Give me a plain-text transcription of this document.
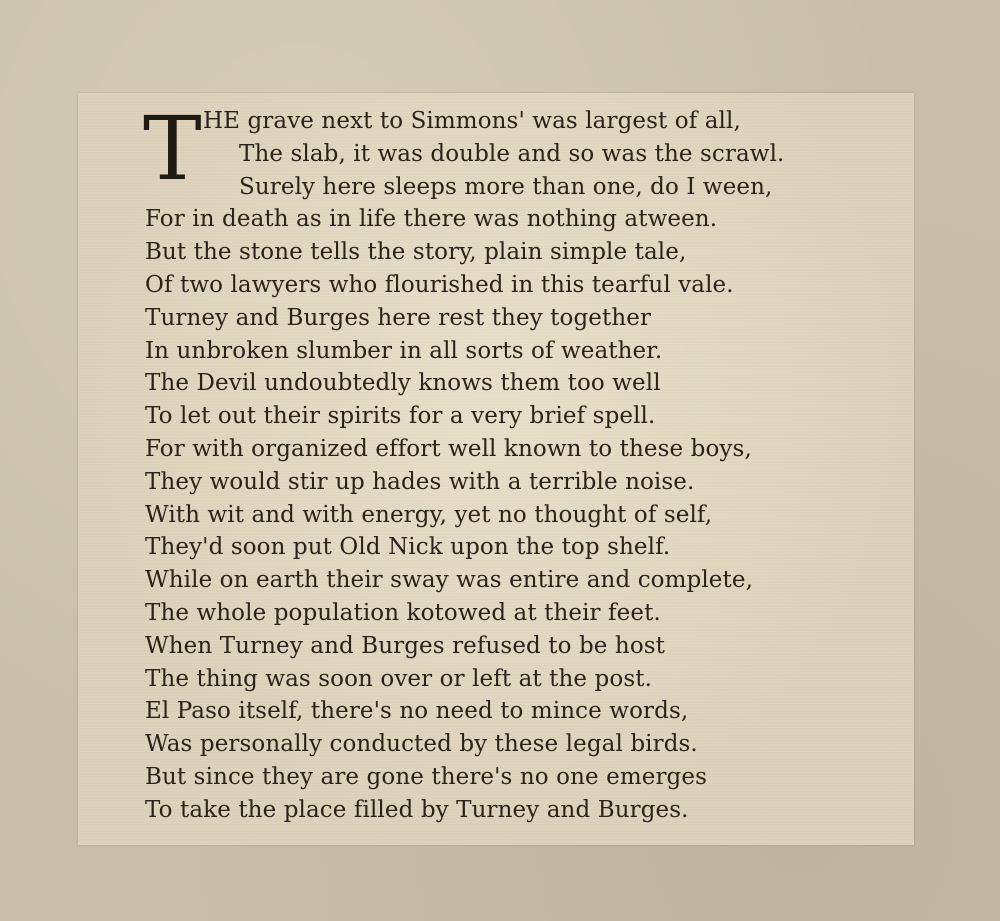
T HE grave next to Simmons' was largest of all,
The slab, it was double and so was the scrawl.
Surely here sleeps more than one, do I ween,
For in death as in life there was nothing atween.
But the stone tells the story, plain simple tale,
Of two lawyers who flourished in this tearful vale.
Turney and Burges here rest they together
In unbroken slumber in all sorts of weather.
The Devil undoubtedly knows them too well
To let out their spirits for a very brief spell.
For with organized effort well known to these boys,
They would stir up hades with a terrible noise.
With wit and with energy, yet no thought of self,
They'd soon put Old Nick upon the top shelf.
While on earth their sway was entire and complete,
The whole population kotowed at their feet.
When Turney and Burges refused to be host
The thing was soon over or left at the post.
El Paso itself, there's no need to mince words,
Was personally conducted by these legal birds.
But since they are gone there's no one emerges
To take the place filled by Turney and Burges.
